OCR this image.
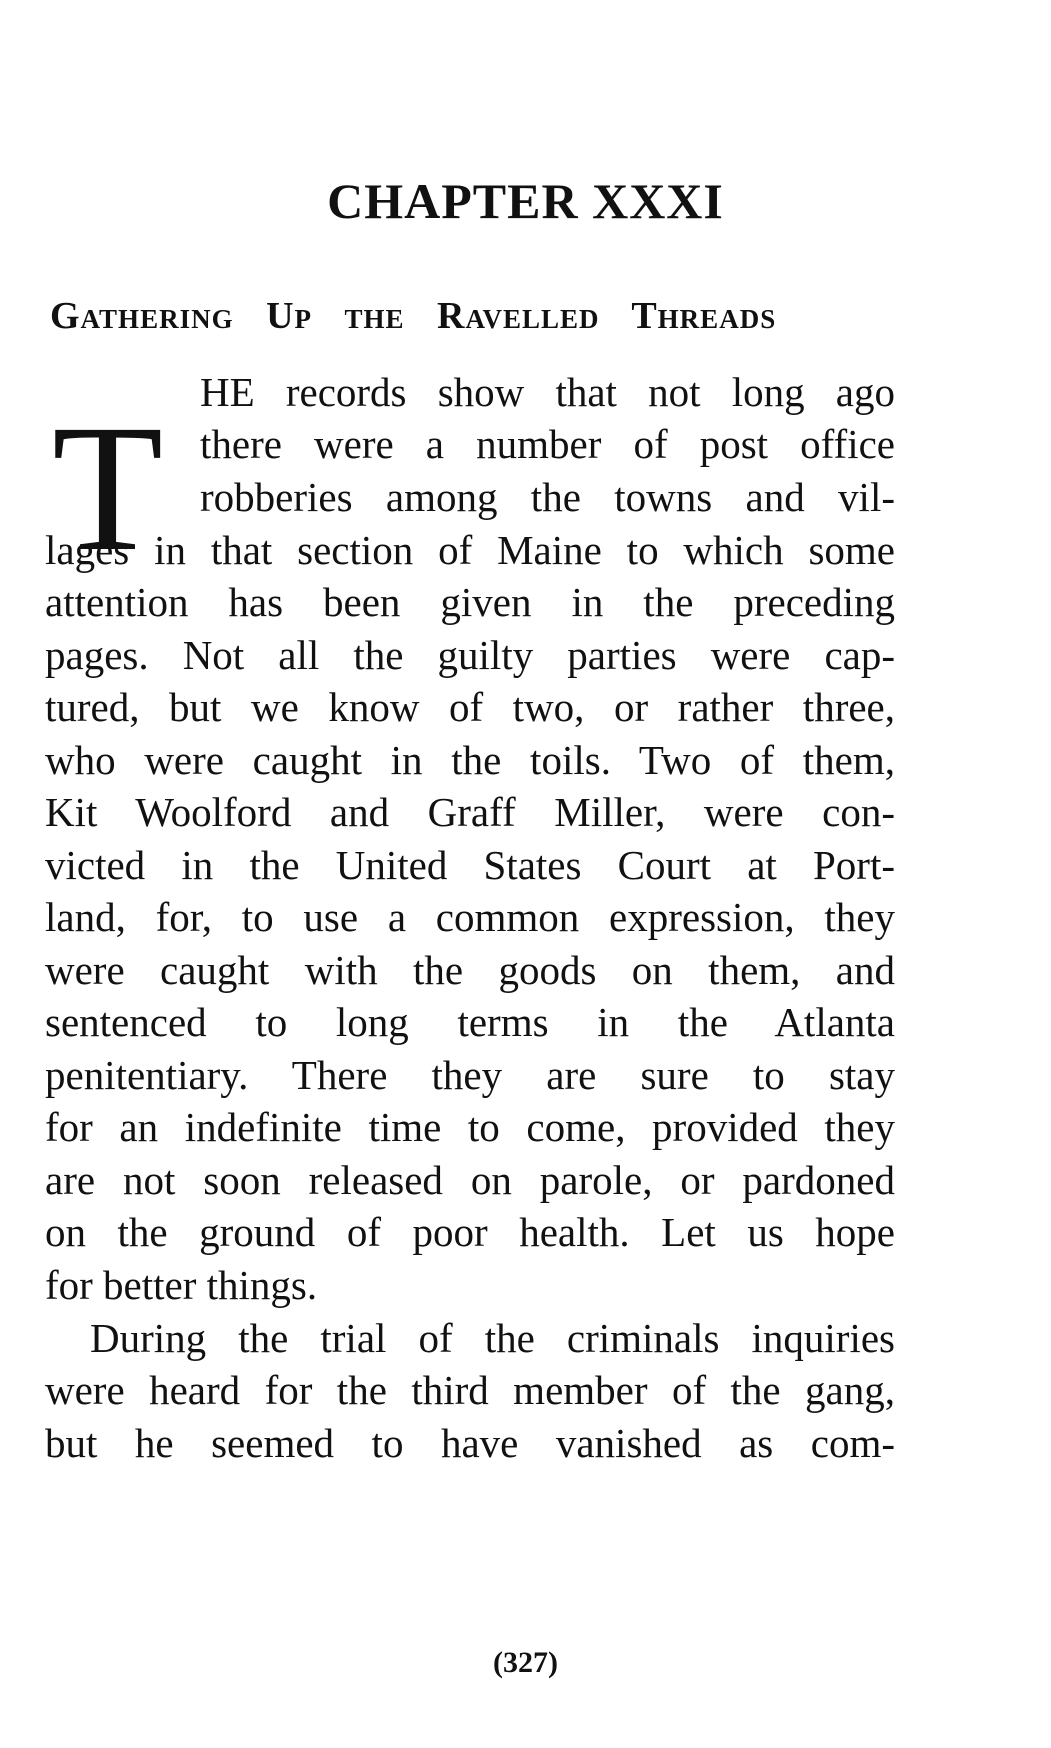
CHAPTER XXXI
Gathering Up the Ravelled Threads
T HE records show that not long ago
there were a number of post office
robberies among the towns and vil-
lages in that section of Maine to which some
attention has been given in the preceding
pages. Not all the guilty parties were cap-
tured, but we know of two, or rather three,
who were caught in the toils. Two of them,
Kit Woolford and Graff Miller, were con-
victed in the United States Court at Port-
land, for, to use a common expression, they
were caught with the goods on them, and
sentenced to long terms in the Atlanta
penitentiary. There they are sure to stay
for an indefinite time to come, provided they
are not soon released on parole, or pardoned
on the ground of poor health. Let us hope
for better things.
During the trial of the criminals inquiries
were heard for the third member of the gang,
but he seemed to have vanished as com-
(327)
